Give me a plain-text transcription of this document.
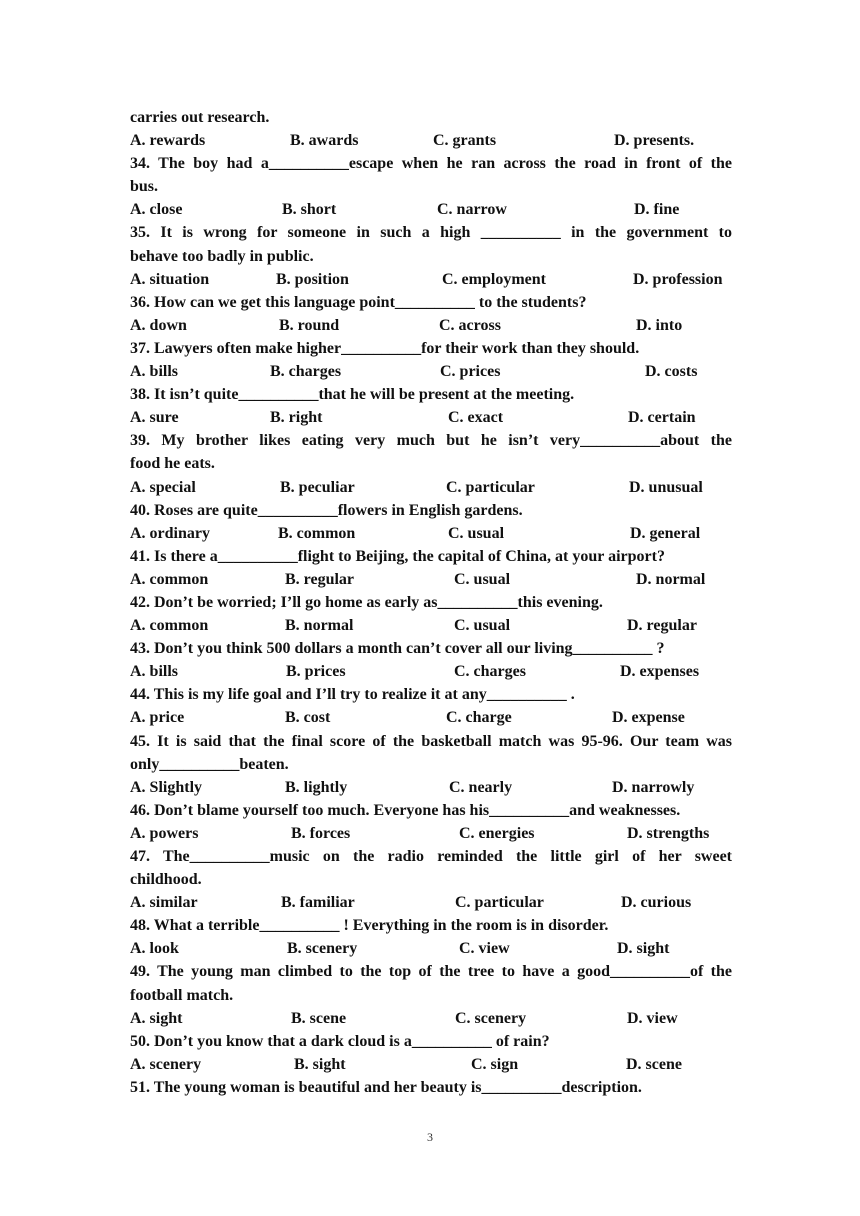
carries out research.
A. rewards	B. awards	C. grants	D. presents.
34. The boy had a__________escape when he ran across the road in front of the
bus.
A. close	B. short	C. narrow	D. fine
35. It is wrong for someone in such a high __________ in the government to
behave too badly in public.
A. situation	B. position	C. employment	D. profession
36. How can we get this language point__________ to the students?
A. down	B. round	C. across	D. into
37. Lawyers often make higher__________for their work than they should.
A. bills	B. charges	C. prices	D. costs
38. It isn’t quite__________that he will be present at the meeting.
A. sure	B. right	C. exact	D. certain
39. My brother likes eating very much but he isn’t very__________about the
food he eats.
A. special	B. peculiar	C. particular	D. unusual
40. Roses are quite__________flowers in English gardens.
A. ordinary	B. common	C. usual	D. general
41. Is there a__________flight to Beijing, the capital of China, at your airport?
A. common	B. regular	C. usual	D. normal
42. Don’t be worried; I’ll go home as early as__________this evening.
A. common	B. normal	C. usual	D. regular
43. Don’t you think 500 dollars a month can’t cover all our living__________ ?
A. bills	B. prices	C. charges	D. expenses
44. This is my life goal and I’ll try to realize it at any__________ .
A. price	B. cost	C. charge	D. expense
45. It is said that the final score of the basketball match was 95-96. Our team was
only__________beaten.
A. Slightly	B. lightly	C. nearly	D. narrowly
46. Don’t blame yourself too much. Everyone has his__________and weaknesses.
A. powers	B. forces	C. energies	D. strengths
47. The__________music on the radio reminded the little girl of her sweet
childhood.
A. similar	B. familiar	C. particular	D. curious
48. What a terrible__________ ! Everything in the room is in disorder.
A. look	B. scenery	C. view	D. sight
49. The young man climbed to the top of the tree to have a good__________of the
football match.
A. sight	B. scene	C. scenery	D. view
50. Don’t you know that a dark cloud is a__________ of rain?
A. scenery	B. sight	C. sign	D. scene
51. The young woman is beautiful and her beauty is__________description.
3
